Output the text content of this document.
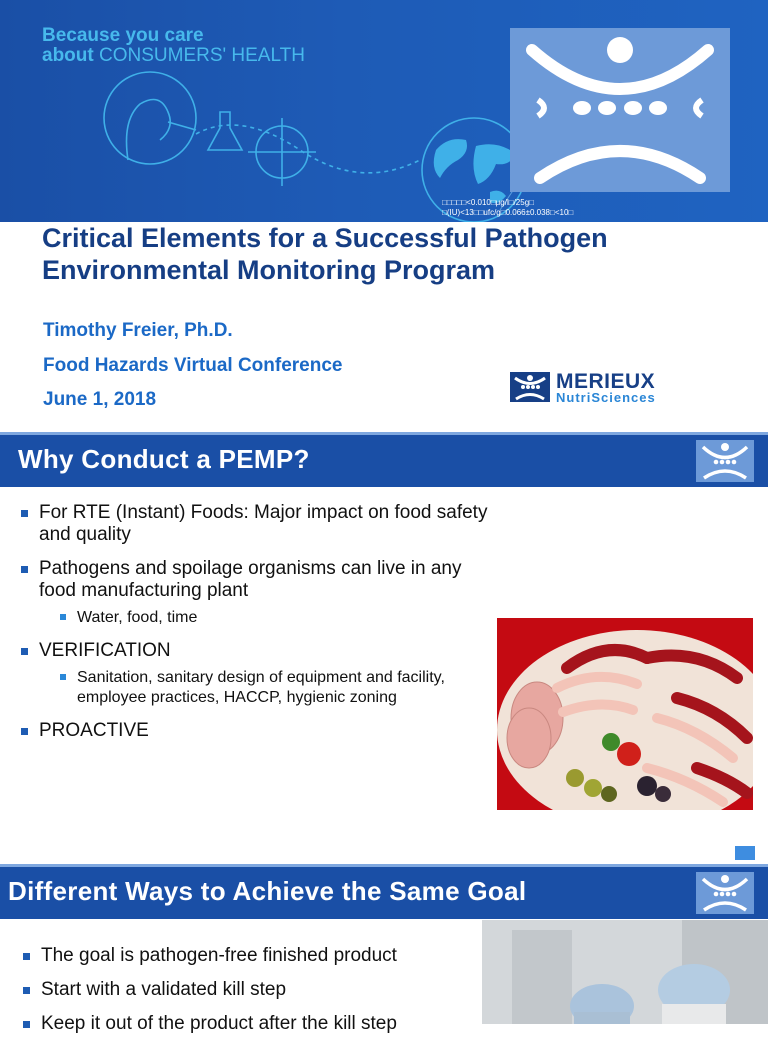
Because you care
about CONSUMERS' HEALTH
□□□□□<0.010□μg/l□/25g□
□(IU)<13□□ufc/g□0.066±0.038□<10□
Critical Elements for a Successful Pathogen Environmental Monitoring Program
Timothy Freier, Ph.D.
Food Hazards Virtual Conference
June 1, 2018
MERIEUX
NutriSciences
Why Conduct a PEMP?
For RTE (Instant) Foods: Major impact on food safety and quality
Pathogens and spoilage organisms can live in any food manufacturing plant
Water, food, time
VERIFICATION
Sanitation, sanitary design of equipment and facility, employee practices, HACCP, hygienic zoning
PROACTIVE
Different Ways to Achieve the Same Goal
The goal is pathogen-free finished product
Start with a validated kill step
Keep it out of the product after the kill step
